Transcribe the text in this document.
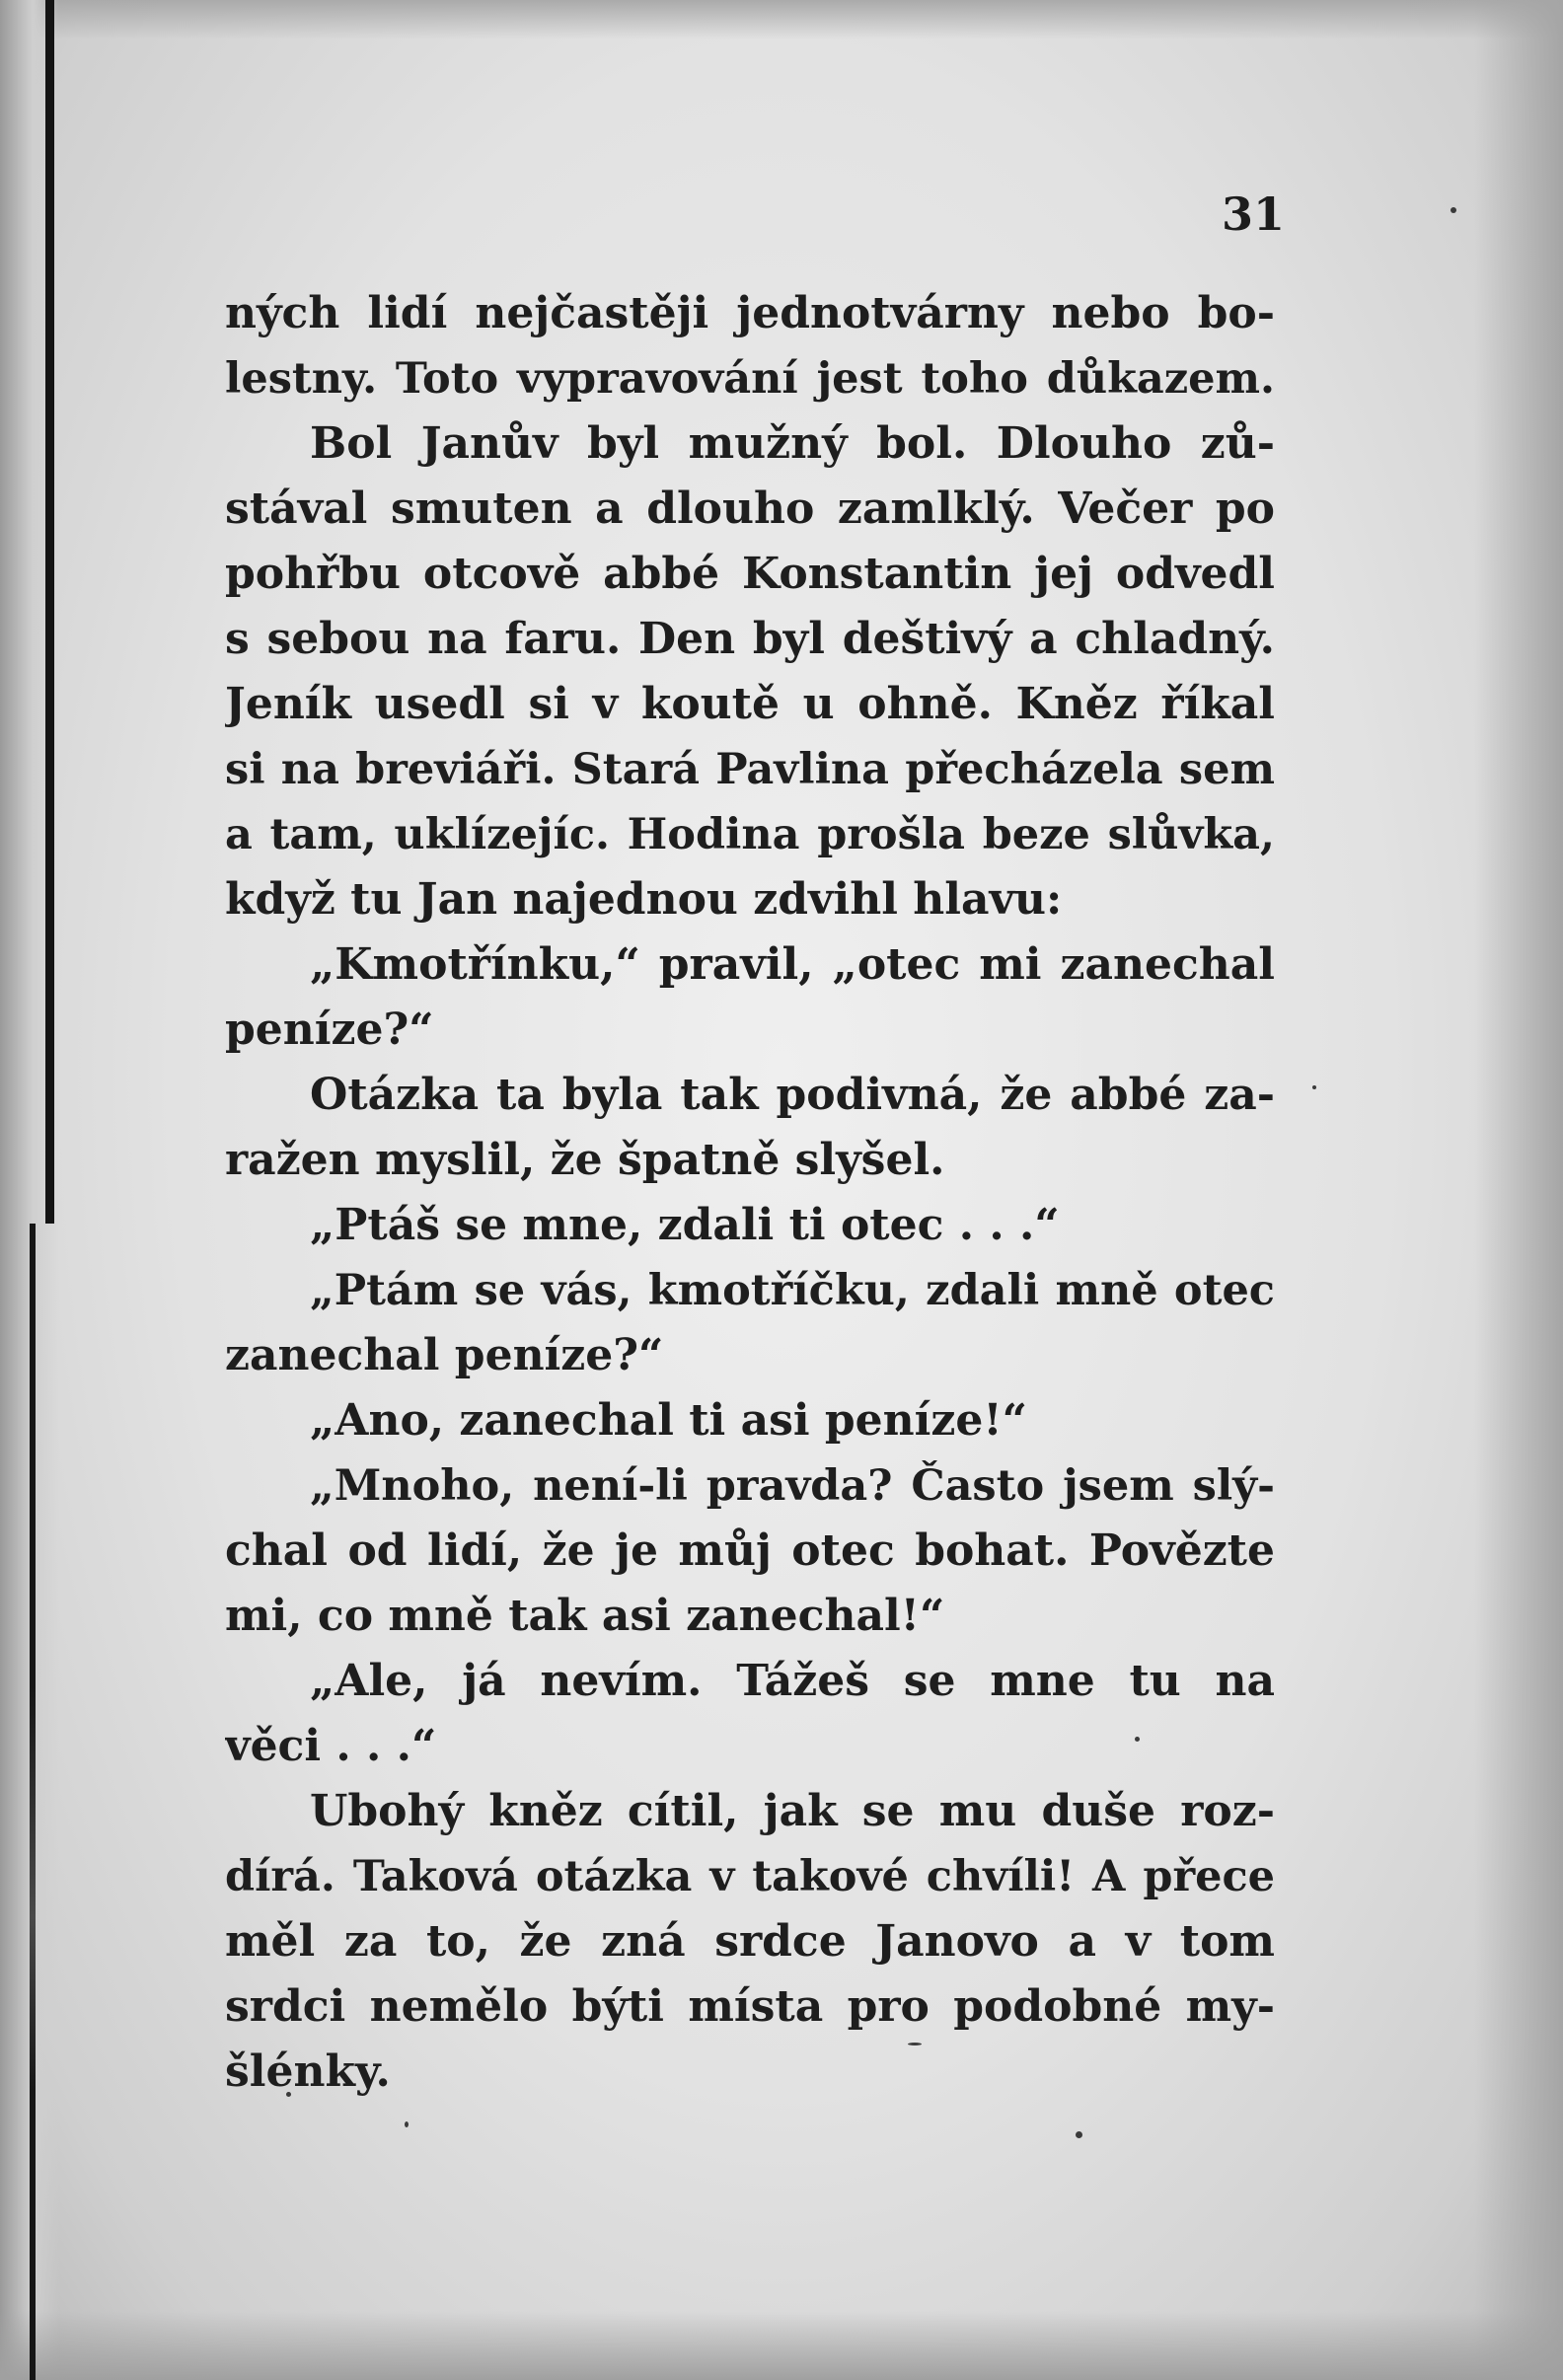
31
ných lidí nejčastěji jednotvárny nebo bo-
lestny. Toto vypravování jest toho důkazem.
Bol Janův byl mužný bol. Dlouho zů-
stával smuten a dlouho zamlklý. Večer po
pohřbu otcově abbé Konstantin jej odvedl
s sebou na faru. Den byl deštivý a chladný.
Jeník usedl si v koutě u ohně. Kněz říkal
si na breviáři. Stará Pavlina přecházela sem
a tam, uklízejíc. Hodina prošla beze slůvka,
když tu Jan najednou zdvihl hlavu:
„Kmotřínku,“ pravil, „otec mi zanechal
peníze?“
Otázka ta byla tak podivná, že abbé za-
ražen myslil, že špatně slyšel.
„Ptáš se mne, zdali ti otec . . .“
„Ptám se vás, kmotříčku, zdali mně otec
zanechal peníze?“
„Ano, zanechal ti asi peníze!“
„Mnoho, není-li pravda? Často jsem slý-
chal od lidí, že je můj otec bohat. Povězte
mi, co mně tak asi zanechal!“
„Ale, já nevím. Tážeš se mne tu na
věci . . .“
Ubohý kněz cítil, jak se mu duše roz-
dírá. Taková otázka v takové chvíli! A přece
měl za to, že zná srdce Janovo a v tom
srdci nemělo býti místa pro podobné my-
šlénky.
